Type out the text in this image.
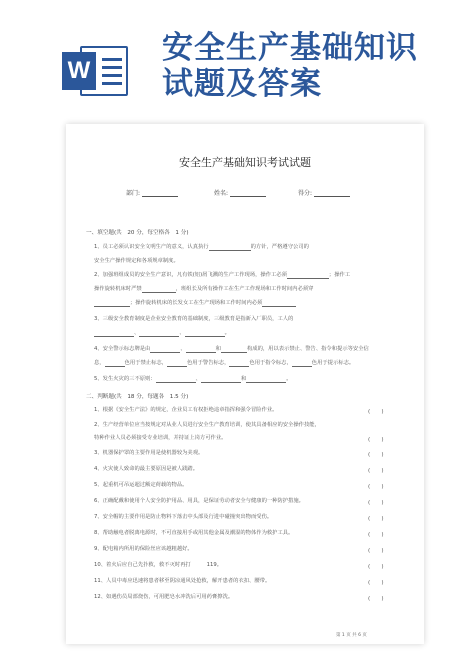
W
安全生产基础知识
试题及答案
安全生产基础知识考试试题
部门:	姓名:	得分:
一、填空题(共　20 分，每空格各　1 分)
1、员工必须认识安全文明生产的意义，认真执行	的方针，严格遵守公司的
安全生产操作规定和各项规章制度。
2、加强班组成员的安全生产意识，凡有铁(铝)屑飞溅的生产工作现场，操作工必须	；操作工
操作旋转机床时严禁	，班组长及所有操作工在生产工作现场和工作时间内必须穿
；操作旋转机床的长发女工在生产现场和工作时间内必须
3、三级安全教育制度是企业安全教育的基础制度，三级教育是指新入厂职员，工人的
、	、	。
4、安全警示标志牌是由	、	和	构成的，用以表示禁止、警告、指令和提示等安全信
息，	色用于禁止标志，	色用于警告标志，	色用于指令标志，	色用于提示标志。
5、发生火灾的三不原则：	、	和	。
二、判断题(共　18 分，每题各　1.5 分)
1、根据《安全生产法》的规定，企业员工有权拒绝违章指挥和强令冒险作业。	(　　)
2、生产经营单位应当按规定对从业人员进行安全生产教育培训，使其具备相应的安全操作技能，
特种作业人员必须接受专业培训，并持证上岗方可作业。	(　　)
3、机器保护罩的主要作用是使机器较为美观。	(　　)
4、火灾使人致命的最主要原因是被人践踏。	(　　)
5、起重机可吊运超过额定荷载的物品。	(　　)
6、正确配戴和使用个人安全防护用品、用具，是保证劳动者安全与健康的一种防护措施。	(　　)
7、安全帽的主要作用是防止物料下落击中头部及行进中碰撞突出物而受伤。	(　　)
8、帮助触电者脱离电源时，不可直接用手或用其他金属及潮湿的物体作为救护工具。	(　　)
9、配电箱内所用的保险丝应该越粗越好。	(　　)
10、着火后应自己先扑救，救不灭时再打　　　119。	(　　)
11、人员中毒应迅速将患者移至阴凉通风处抢救，解开患者的衣扣、腰带。	(　　)
12、如遇伤员局部烧伤，可用肥皂水冲洗后可用药膏擦洗。	(　　)
第 1 页 共 6 页
